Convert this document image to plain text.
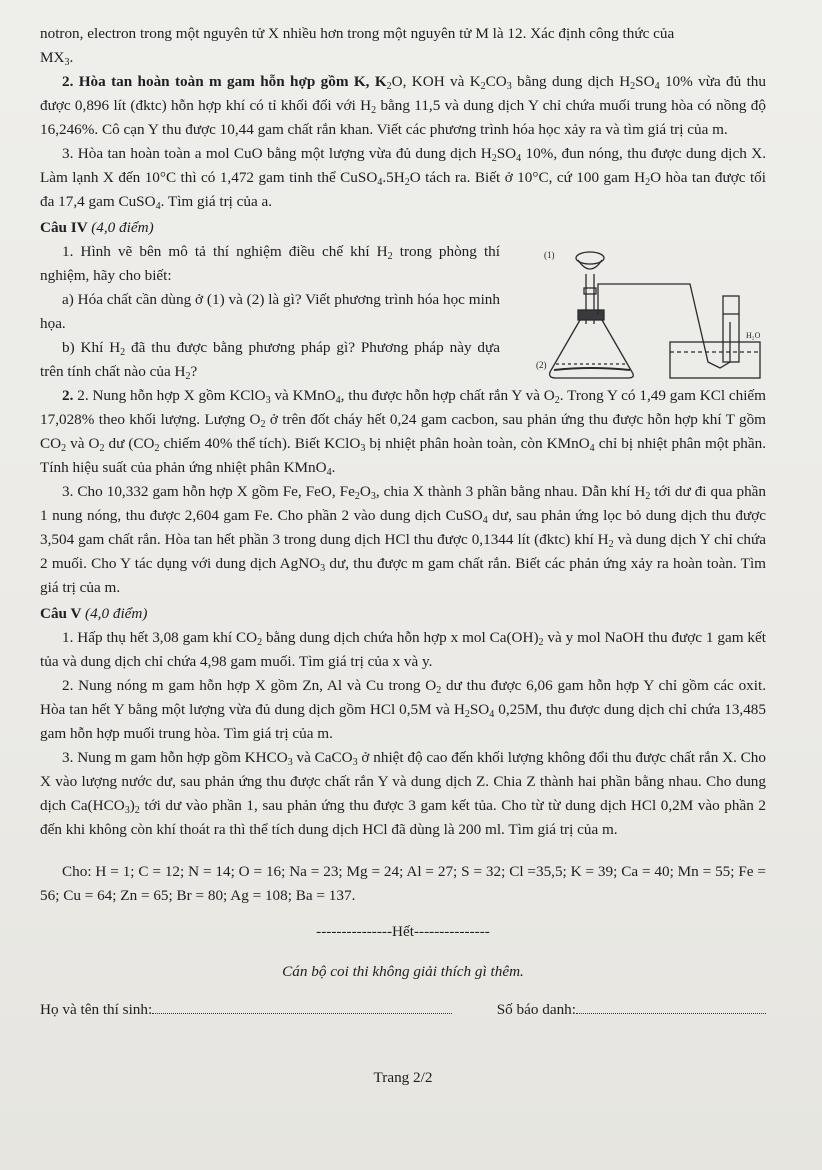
notron, electron trong một nguyên tử X nhiều hơn trong một nguyên tử M là 12. Xác định công thức của

$MX_3$.

2. Hòa tan hoàn toàn m gam hỗn hợp gồm K, $K_2O$, KOH và $K_2CO_3$ bằng dung dịch $H_2SO_4$ 10% vừa đủ thu được 0,896 lít (đktc) hỗn hợp khí có tỉ khối đối với $H_2$ bằng 11,5 và dung dịch Y chỉ chứa muối trung hòa có nồng độ 16,246%. Cô cạn Y thu được 10,44 gam chất rắn khan. Viết các phương trình hóa học xảy ra và tìm giá trị của m.

3. Hòa tan hoàn toàn a mol CuO bằng một lượng vừa đủ dung dịch $H_2SO_4$ 10%, đun nóng, thu được dung dịch X. Làm lạnh X đến 10°C thì có 1,472 gam tinh thể $CuSO_4.5H_2O$ tách ra. Biết ở 10°C, cứ 100 gam $H_2O$ hòa tan được tối đa 17,4 gam CuSO$_4$. Tìm giá trị của a.

Câu IV (4,0 điểm)

1. Hình vẽ bên mô tả thí nghiệm điều chế khí $H_2$ trong phòng thí nghiệm, hãy cho biết:

a) Hóa chất cần dùng ở (1) và (2) là gì? Viết phương trình hóa học minh họa.

b) Khí $H_2$ đã thu được bằng phương pháp gì? Phương pháp này dựa trên tính chất nào của $H_2$?

(1)
(2)
H₂O

2. 2. Nung hỗn hợp X gồm KClO$_3$ và KMnO$_4$, thu được hỗn hợp chất rắn Y và $O_2$. Trong Y có 1,49 gam KCl chiếm 17,028% theo khối lượng. Lượng $O_2$ ở trên đốt cháy hết 0,24 gam cacbon, sau phản ứng thu được hỗn hợp khí T gồm $CO_2$ và $O_2$ dư ($CO_2$ chiếm 40% thể tích). Biết KClO$_3$ bị nhiệt phân hoàn toàn, còn KMnO$_4$ chỉ bị nhiệt phân một phần. Tính hiệu suất của phản ứng nhiệt phân KMnO$_4$.

3. Cho 10,332 gam hỗn hợp X gồm Fe, FeO, $Fe_2O_3$, chia X thành 3 phần bằng nhau. Dẫn khí $H_2$ tới dư đi qua phần 1 nung nóng, thu được 2,604 gam Fe. Cho phần 2 vào dung dịch CuSO$_4$ dư, sau phản ứng lọc bỏ dung dịch thu được 3,504 gam chất rắn. Hòa tan hết phần 3 trong dung dịch HCl thu được 0,1344 lít (đktc) khí $H_2$ và dung dịch Y chỉ chứa 2 muối. Cho Y tác dụng với dung dịch AgNO$_3$ dư, thu được m gam chất rắn. Biết các phản ứng xảy ra hoàn toàn. Tìm giá trị của m.

Câu V (4,0 điểm)

1. Hấp thụ hết 3,08 gam khí $CO_2$ bằng dung dịch chứa hỗn hợp x mol $Ca(OH)_2$ và y mol NaOH thu được 1 gam kết tủa và dung dịch chỉ chứa 4,98 gam muối. Tìm giá trị của x và y.

2. Nung nóng m gam hỗn hợp X gồm Zn, Al và Cu trong $O_2$ dư thu được 6,06 gam hỗn hợp Y chỉ gồm các oxit. Hòa tan hết Y bằng một lượng vừa đủ dung dịch gồm HCl 0,5M và $H_2SO_4$ 0,25M, thu được dung dịch chỉ chứa 13,485 gam hỗn hợp muối trung hòa. Tìm giá trị của m.

3. Nung m gam hỗn hợp gồm $KHCO_3$ và CaCO$_3$ ở nhiệt độ cao đến khối lượng không đổi thu được chất rắn X. Cho X vào lượng nước dư, sau phản ứng thu được chất rắn Y và dung dịch Z. Chia Z thành hai phần bằng nhau. Cho dung dịch $Ca(HCO_3)_2$ tới dư vào phần 1, sau phản ứng thu được 3 gam kết tủa. Cho từ từ dung dịch HCl 0,2M vào phần 2 đến khi không còn khí thoát ra thì thể tích dung dịch HCl đã dùng là 200 ml. Tìm giá trị của m.

Cho: H = 1; C = 12; N = 14; O = 16; Na = 23; Mg = 24; Al = 27; S = 32; Cl =35,5; K = 39; Ca = 40; Mn = 55; Fe = 56; Cu = 64; Zn = 65; Br = 80; Ag = 108; Ba = 137.

---------------Hết---------------

Cán bộ coi thi không giải thích gì thêm.

Họ và tên thí sinh:	Số báo danh:

Trang 2/2
